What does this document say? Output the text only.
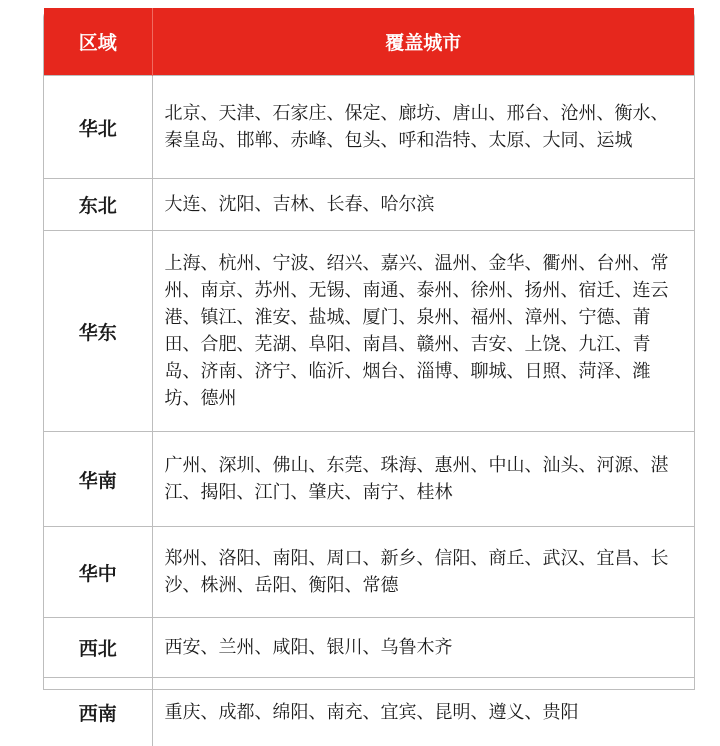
区域	覆盖城市
华北	北京、天津、石家庄、保定、廊坊、唐山、邢台、沧州、衡水、秦皇岛、邯郸、赤峰、包头、呼和浩特、太原、大同、运城
东北	大连、沈阳、吉林、长春、哈尔滨
华东	上海、杭州、宁波、绍兴、嘉兴、温州、金华、衢州、台州、常州、南京、苏州、无锡、南通、泰州、徐州、扬州、宿迁、连云港、镇江、淮安、盐城、厦门、泉州、福州、漳州、宁德、莆田、合肥、芜湖、阜阳、南昌、赣州、吉安、上饶、九江、青岛、济南、济宁、临沂、烟台、淄博、聊城、日照、菏泽、潍坊、德州
华南	广州、深圳、佛山、东莞、珠海、惠州、中山、汕头、河源、湛江、揭阳、江门、肇庆、南宁、桂林
华中	郑州、洛阳、南阳、周口、新乡、信阳、商丘、武汉、宜昌、长沙、株洲、岳阳、衡阳、常德
西北	西安、兰州、咸阳、银川、乌鲁木齐
西南	重庆、成都、绵阳、南充、宜宾、昆明、遵义、贵阳
